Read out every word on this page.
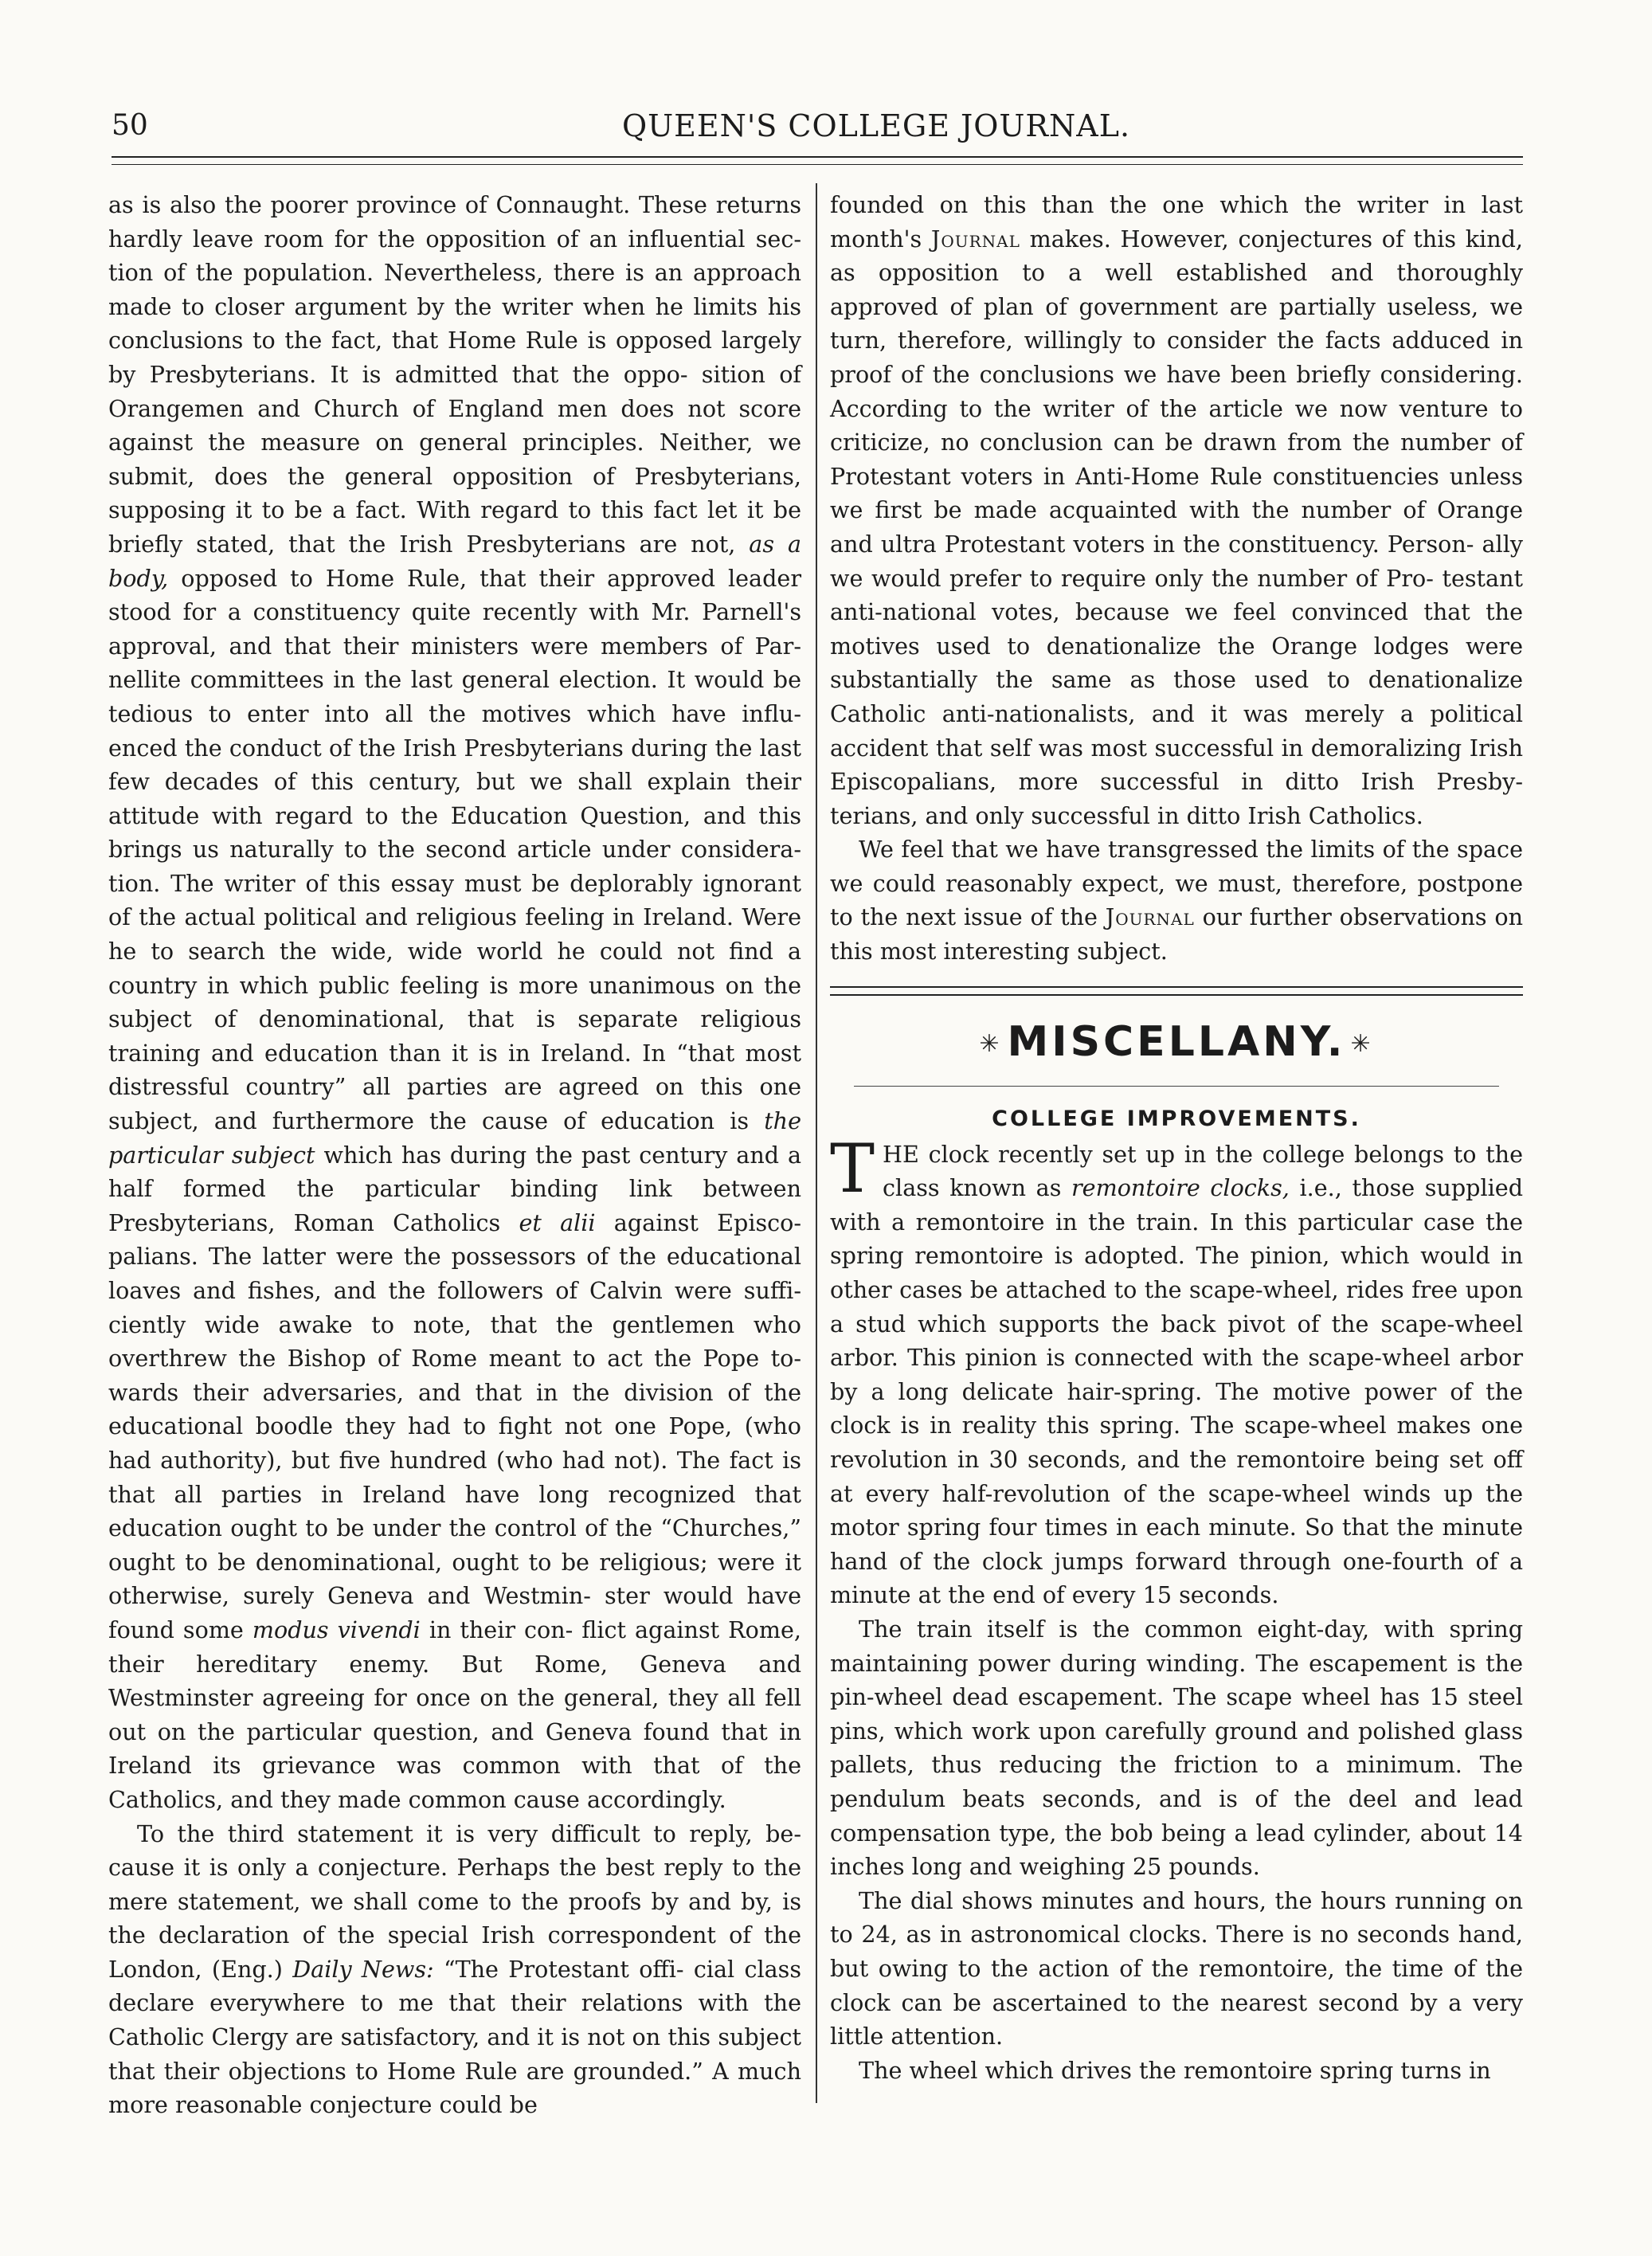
50	QUEEN'S COLLEGE JOURNAL.

as is also the poorer province of Connaught. These returns hardly leave room for the opposition of an influential sec- tion of the population. Nevertheless, there is an approach made to closer argument by the writer when he limits his conclusions to the fact, that Home Rule is opposed largely by Presbyterians. It is admitted that the oppo- sition of Orangemen and Church of England men does not score against the measure on general principles. Neither, we submit, does the general opposition of Presbyterians, supposing it to be a fact. With regard to this fact let it be briefly stated, that the Irish Presbyterians are not, as a body, opposed to Home Rule, that their approved leader stood for a constituency quite recently with Mr. Parnell's approval, and that their ministers were members of Par- nellite committees in the last general election. It would be tedious to enter into all the motives which have influ- enced the conduct of the Irish Presbyterians during the last few decades of this century, but we shall explain their attitude with regard to the Education Question, and this brings us naturally to the second article under considera- tion. The writer of this essay must be deplorably ignorant of the actual political and religious feeling in Ireland. Were he to search the wide, wide world he could not find a country in which public feeling is more unanimous on the subject of denominational, that is separate religious training and education than it is in Ireland. In “that most distressful country” all parties are agreed on this one subject, and furthermore the cause of education is the particular subject which has during the past century and a half formed the particular binding link between Presbyterians, Roman Catholics et alii against Episco- palians. The latter were the possessors of the educational loaves and fishes, and the followers of Calvin were suffi- ciently wide awake to note, that the gentlemen who overthrew the Bishop of Rome meant to act the Pope to- wards their adversaries, and that in the division of the educational boodle they had to fight not one Pope, (who had authority), but five hundred (who had not). The fact is that all parties in Ireland have long recognized that education ought to be under the control of the “Churches,” ought to be denominational, ought to be religious; were it otherwise, surely Geneva and Westmin- ster would have found some modus vivendi in their con- flict against Rome, their hereditary enemy. But Rome, Geneva and Westminster agreeing for once on the general, they all fell out on the particular question, and Geneva found that in Ireland its grievance was common with that of the Catholics, and they made common cause accordingly.

To the third statement it is very difficult to reply, be- cause it is only a conjecture. Perhaps the best reply to the mere statement, we shall come to the proofs by and by, is the declaration of the special Irish correspondent of the London, (Eng.) Daily News: “The Protestant offi- cial class declare everywhere to me that their relations with the Catholic Clergy are satisfactory, and it is not on this subject that their objections to Home Rule are grounded.” A much more reasonable conjecture could be

founded on this than the one which the writer in last month's Journal makes. However, conjectures of this kind, as opposition to a well established and thoroughly approved of plan of government are partially useless, we turn, therefore, willingly to consider the facts adduced in proof of the conclusions we have been briefly considering. According to the writer of the article we now venture to criticize, no conclusion can be drawn from the number of Protestant voters in Anti-Home Rule constituencies unless we first be made acquainted with the number of Orange and ultra Protestant voters in the constituency. Person- ally we would prefer to require only the number of Pro- testant anti-national votes, because we feel convinced that the motives used to denationalize the Orange lodges were substantially the same as those used to denationalize Catholic anti-nationalists, and it was merely a political accident that self was most successful in demoralizing Irish Episcopalians, more successful in ditto Irish Presby- terians, and only successful in ditto Irish Catholics.

We feel that we have transgressed the limits of the space we could reasonably expect, we must, therefore, postpone to the next issue of the Journal our further observations on this most interesting subject.

✳ MISCELLANY. ✳
COLLEGE IMPROVEMENTS.

T HE clock recently set up in the college belongs to the class known as remontoire clocks, i.e., those supplied with a remontoire in the train. In this particular case the spring remontoire is adopted. The pinion, which would in other cases be attached to the scape-wheel, rides free upon a stud which supports the back pivot of the scape-wheel arbor. This pinion is connected with the scape-wheel arbor by a long delicate hair-spring. The motive power of the clock is in reality this spring. The scape-wheel makes one revolution in 30 seconds, and the remontoire being set off at every half-revolution of the scape-wheel winds up the motor spring four times in each minute. So that the minute hand of the clock jumps forward through one-fourth of a minute at the end of every 15 seconds.

The train itself is the common eight-day, with spring maintaining power during winding. The escapement is the pin-wheel dead escapement. The scape wheel has 15 steel pins, which work upon carefully ground and polished glass pallets, thus reducing the friction to a minimum. The pendulum beats seconds, and is of the deel and lead compensation type, the bob being a lead cylinder, about 14 inches long and weighing 25 pounds.

The dial shows minutes and hours, the hours running on to 24, as in astronomical clocks. There is no seconds hand, but owing to the action of the remontoire, the time of the clock can be ascertained to the nearest second by a very little attention.

The wheel which drives the remontoire spring turns in
